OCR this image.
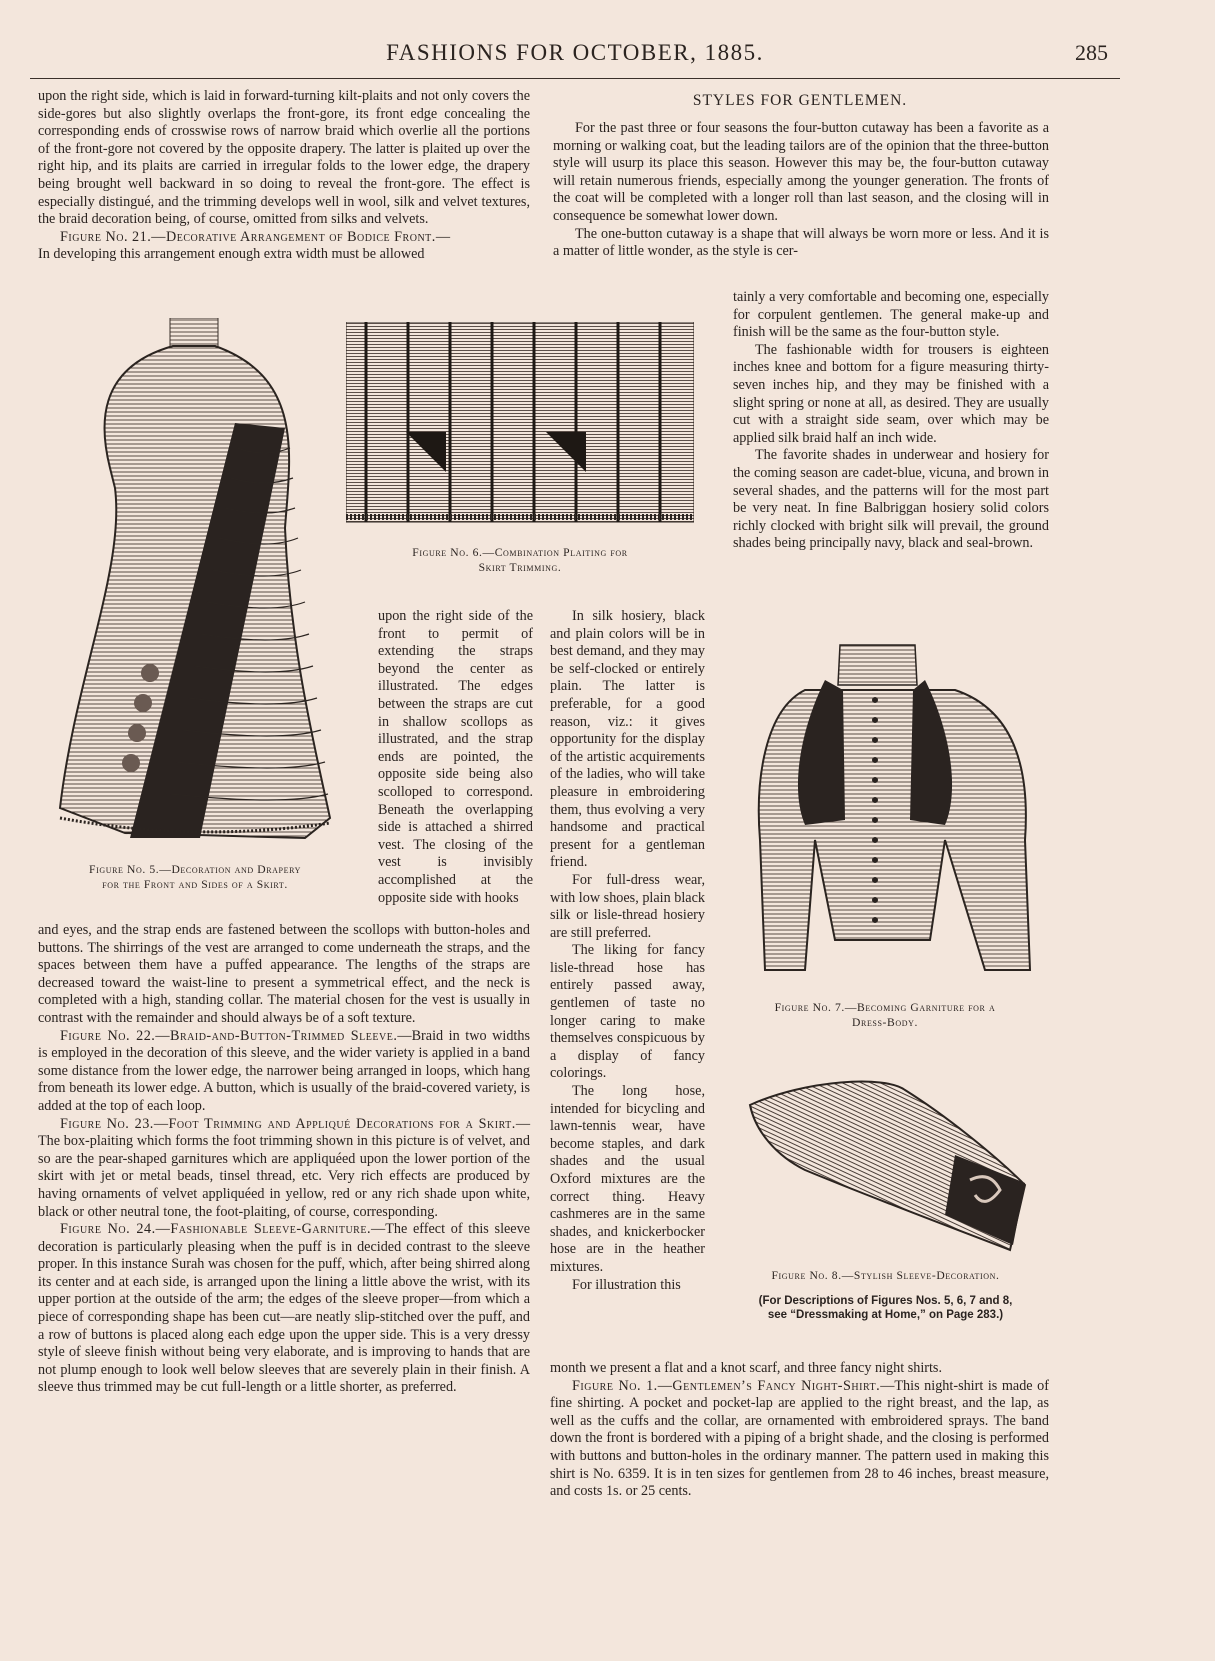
FASHIONS FOR OCTOBER, 1885.	285

upon the right side, which is laid in forward-turning kilt-plaits and not only covers the side-gores but also slightly overlaps the front-gore, its front edge concealing the corresponding ends of crosswise rows of narrow braid which overlie all the portions of the front-gore not covered by the opposite drapery. The latter is plaited up over the right hip, and its plaits are carried in irregular folds to the lower edge, the drapery being brought well backward in so doing to reveal the front-gore. The effect is especially distingué, and the trimming develops well in wool, silk and velvet textures, the braid decoration being, of course, omitted from silks and velvets.

Figure No. 21.—Decorative Arrangement of Bodice Front.—

In developing this arrangement enough extra width must be allowed

STYLES FOR GENTLEMEN.

For the past three or four seasons the four-button cutaway has been a favorite as a morning or walking coat, but the leading tailors are of the opinion that the three-button style will usurp its place this season. However this may be, the four-button cutaway will retain numerous friends, especially among the younger generation. The fronts of the coat will be completed with a longer roll than last season, and the closing will in consequence be somewhat lower down.

The one-button cutaway is a shape that will always be worn more or less. And it is a matter of little wonder, as the style is cer-

tainly a very comfortable and becoming one, especially for corpulent gentlemen. The general make-up and finish will be the same as the four-button style.

The fashionable width for trousers is eighteen inches knee and bottom for a figure measuring thirty-seven inches hip, and they may be finished with a slight spring or none at all, as desired. They are usually cut with a straight side seam, over which may be applied silk braid half an inch wide.

The favorite shades in underwear and hosiery for the coming season are cadet-blue, vicuna, and brown in several shades, and the patterns will for the most part be very neat. In fine Balbriggan hosiery solid colors richly clocked with bright silk will prevail, the ground shades being principally navy, black and seal-brown.

Figure No. 5.—Decoration and Drapery
for the Front and Sides of a Skirt.
Figure No. 6.—Combination Plaiting for
Skirt Trimming.

upon the right side of the front to permit of extending the straps beyond the center as illustrated. The edges between the straps are cut in shallow scollops as illustrated, and the strap ends are pointed, the opposite side being also scolloped to correspond. Beneath the overlapping side is attached a shirred vest. The closing of the vest is invisibly accomplished at the opposite side with hooks

In silk hosiery, black and plain colors will be in best demand, and they may be self-clocked or entirely plain. The latter is preferable, for a good reason, viz.: it gives opportunity for the display of the artistic acquirements of the ladies, who will take pleasure in embroidering them, thus evolving a very handsome and practical present for a gentleman friend.

For full-dress wear, with low shoes, plain black silk or lisle-thread hosiery are still preferred.

The liking for fancy lisle-thread hose has entirely passed away, gentlemen of taste no longer caring to make themselves conspicuous by a display of fancy colorings.

The long hose, intended for bicycling and lawn-tennis wear, have become staples, and dark shades and the usual Oxford mixtures are the correct thing. Heavy cashmeres are in the same shades, and knickerbocker hose are in the heather mixtures.

For illustration this

Figure No. 7.—Becoming Garniture for a
Dress-Body.
Figure No. 8.—Stylish Sleeve-Decoration.
(For Descriptions of Figures Nos. 5, 6, 7 and 8,
see “Dressmaking at Home,” on Page 283.)

and eyes, and the strap ends are fastened between the scollops with button-holes and buttons. The shirrings of the vest are arranged to come underneath the straps, and the spaces between them have a puffed appearance. The lengths of the straps are decreased toward the waist-line to present a symmetrical effect, and the neck is completed with a high, standing collar. The material chosen for the vest is usually in contrast with the remainder and should always be of a soft texture.

Figure No. 22.—Braid-and-Button-Trimmed Sleeve.—Braid in two widths is employed in the decoration of this sleeve, and the wider variety is applied in a band some distance from the lower edge, the narrower being arranged in loops, which hang from beneath its lower edge. A button, which is usually of the braid-covered variety, is added at the top of each loop.

Figure No. 23.—Foot Trimming and Appliqué Decorations for a Skirt.—The box-plaiting which forms the foot trimming shown in this picture is of velvet, and so are the pear-shaped garnitures which are appliquéed upon the lower portion of the skirt with jet or metal beads, tinsel thread, etc. Very rich effects are produced by having ornaments of velvet appliquéed in yellow, red or any rich shade upon white, black or other neutral tone, the foot-plaiting, of course, corresponding.

Figure No. 24.—Fashionable Sleeve-Garniture.—The effect of this sleeve decoration is particularly pleasing when the puff is in decided contrast to the sleeve proper. In this instance Surah was chosen for the puff, which, after being shirred along its center and at each side, is arranged upon the lining a little above the wrist, with its upper portion at the outside of the arm; the edges of the sleeve proper—from which a piece of corresponding shape has been cut—are neatly slip-stitched over the puff, and a row of buttons is placed along each edge upon the upper side. This is a very dressy style of sleeve finish without being very elaborate, and is improving to hands that are not plump enough to look well below sleeves that are severely plain in their finish. A sleeve thus trimmed may be cut full-length or a little shorter, as preferred.

month we present a flat and a knot scarf, and three fancy night shirts.

Figure No. 1.—Gentlemen’s Fancy Night-Shirt.—This night-shirt is made of fine shirting. A pocket and pocket-lap are applied to the right breast, and the lap, as well as the cuffs and the collar, are ornamented with embroidered sprays. The band down the front is bordered with a piping of a bright shade, and the closing is performed with buttons and button-holes in the ordinary manner. The pattern used in making this shirt is No. 6359. It is in ten sizes for gentlemen from 28 to 46 inches, breast measure, and costs 1s. or 25 cents.
